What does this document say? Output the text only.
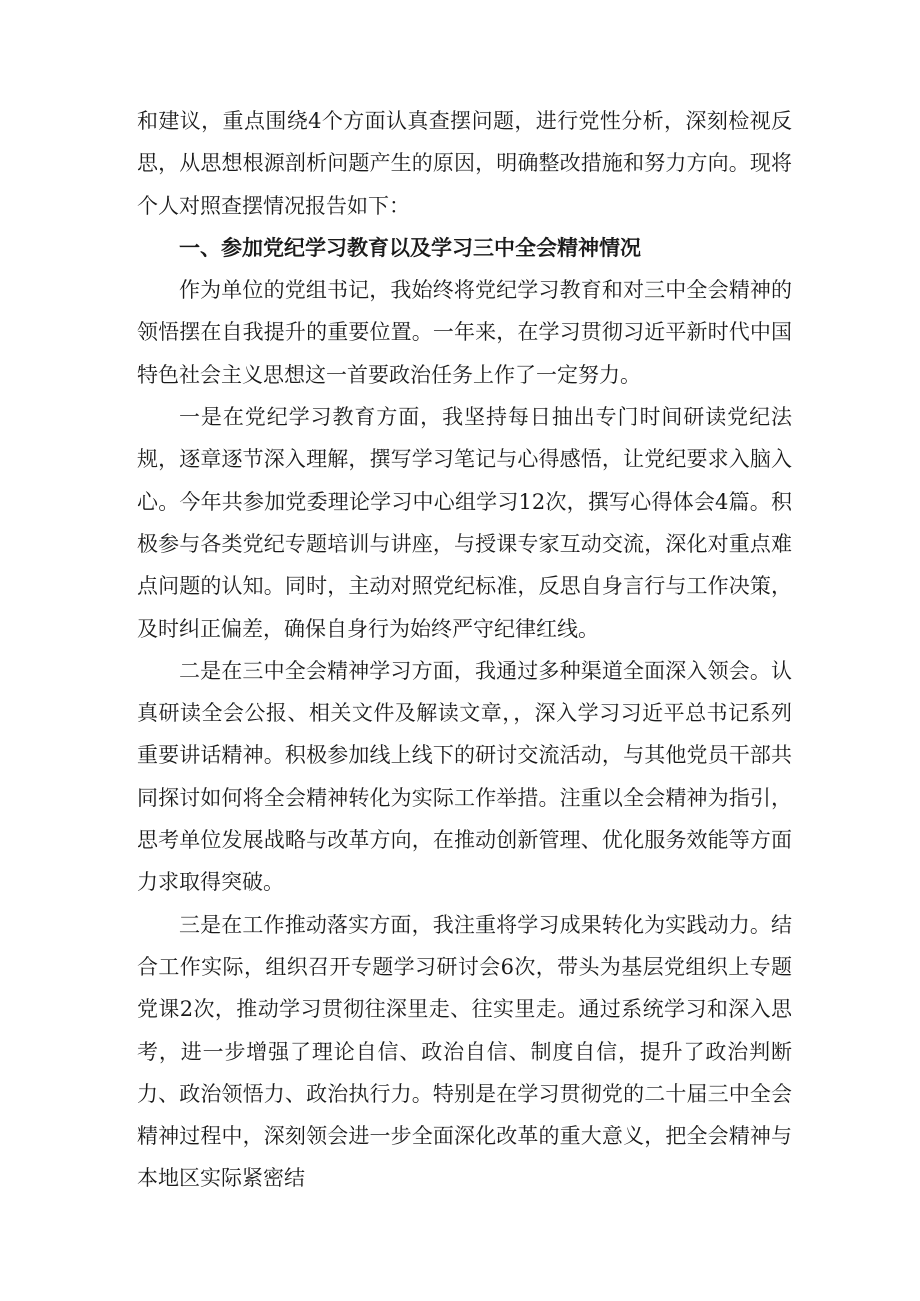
和建议，重点围绕4个方面认真查摆问题，进行党性分析，深刻检视反思，从思想根源剖析问题产生的原因，明确整改措施和努力方向。现将个人对照查摆情况报告如下：

一、参加党纪学习教育以及学习三中全会精神情况

作为单位的党组书记，我始终将党纪学习教育和对三中全会精神的领悟摆在自我提升的重要位置。一年来，在学习贯彻习近平新时代中国特色社会主义思想这一首要政治任务上作了一定努力。

一是在党纪学习教育方面，我坚持每日抽出专门时间研读党纪法规，逐章逐节深入理解，撰写学习笔记与心得感悟，让党纪要求入脑入心。今年共参加党委理论学习中心组学习12次，撰写心得体会4篇。积极参与各类党纪专题培训与讲座，与授课专家互动交流，深化对重点难点问题的认知。同时，主动对照党纪标准，反思自身言行与工作决策，及时纠正偏差，确保自身行为始终严守纪律红线。

二是在三中全会精神学习方面，我通过多种渠道全面深入领会。认真研读全会公报、相关文件及解读文章，，深入学习习近平总书记系列重要讲话精神。积极参加线上线下的研讨交流活动，与其他党员干部共同探讨如何将全会精神转化为实际工作举措。注重以全会精神为指引，思考单位发展战略与改革方向，在推动创新管理、优化服务效能等方面力求取得突破。

三是在工作推动落实方面，我注重将学习成果转化为实践动力。结合工作实际，组织召开专题学习研讨会6次，带头为基层党组织上专题党课2次，推动学习贯彻往深里走、往实里走。通过系统学习和深入思考，进一步增强了理论自信、政治自信、制度自信，提升了政治判断力、政治领悟力、政治执行力。特别是在学习贯彻党的二十届三中全会精神过程中，深刻领会进一步全面深化改革的重大意义，把全会精神与本地区实际紧密结
